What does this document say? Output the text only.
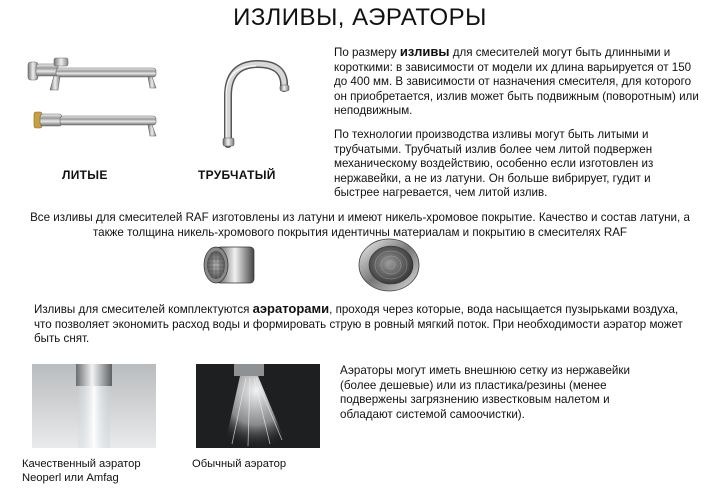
ИЗЛИВЫ, АЭРАТОРЫ
ЛИТЫЕ	ТРУБЧАТЫЙ
По размеру изливы для смесителей могут быть длинными и короткими: в зависимости от модели их длина варьируется от 150 до 400 мм. В зависимости от назначения смесителя, для которого он приобретается, излив может быть подвижным (поворотным) или неподвижным.
По технологии производства изливы могут быть литыми и трубчатыми. Трубчатый излив более чем литой подвержен механическому воздействию, особенно если изготовлен из нержавейки, а не из латуни. Он больше вибрирует, гудит и быстрее нагревается, чем литой излив.
Все изливы для смесителей RAF изготовлены из латуни и имеют никель-хромовое покрытие. Качество и состав латуни, а также толщина никель-хромового покрытия идентичны материалам и покрытию в смесителях RAF
Изливы для смесителей комплектуются аэраторами, проходя через которые, вода насыщается пузырьками воздуха, что позволяет экономить расход воды и формировать струю в ровный мягкий поток. При необходимости аэратор может быть снят.
Аэраторы могут иметь внешнюю сетку из нержавейки (более дешевые) или из пластика/резины (менее подвержены загрязнению известковым налетом и обладают системой самоочистки).
Качественный аэратор
Neoperl или Amfag
Обычный аэратор
